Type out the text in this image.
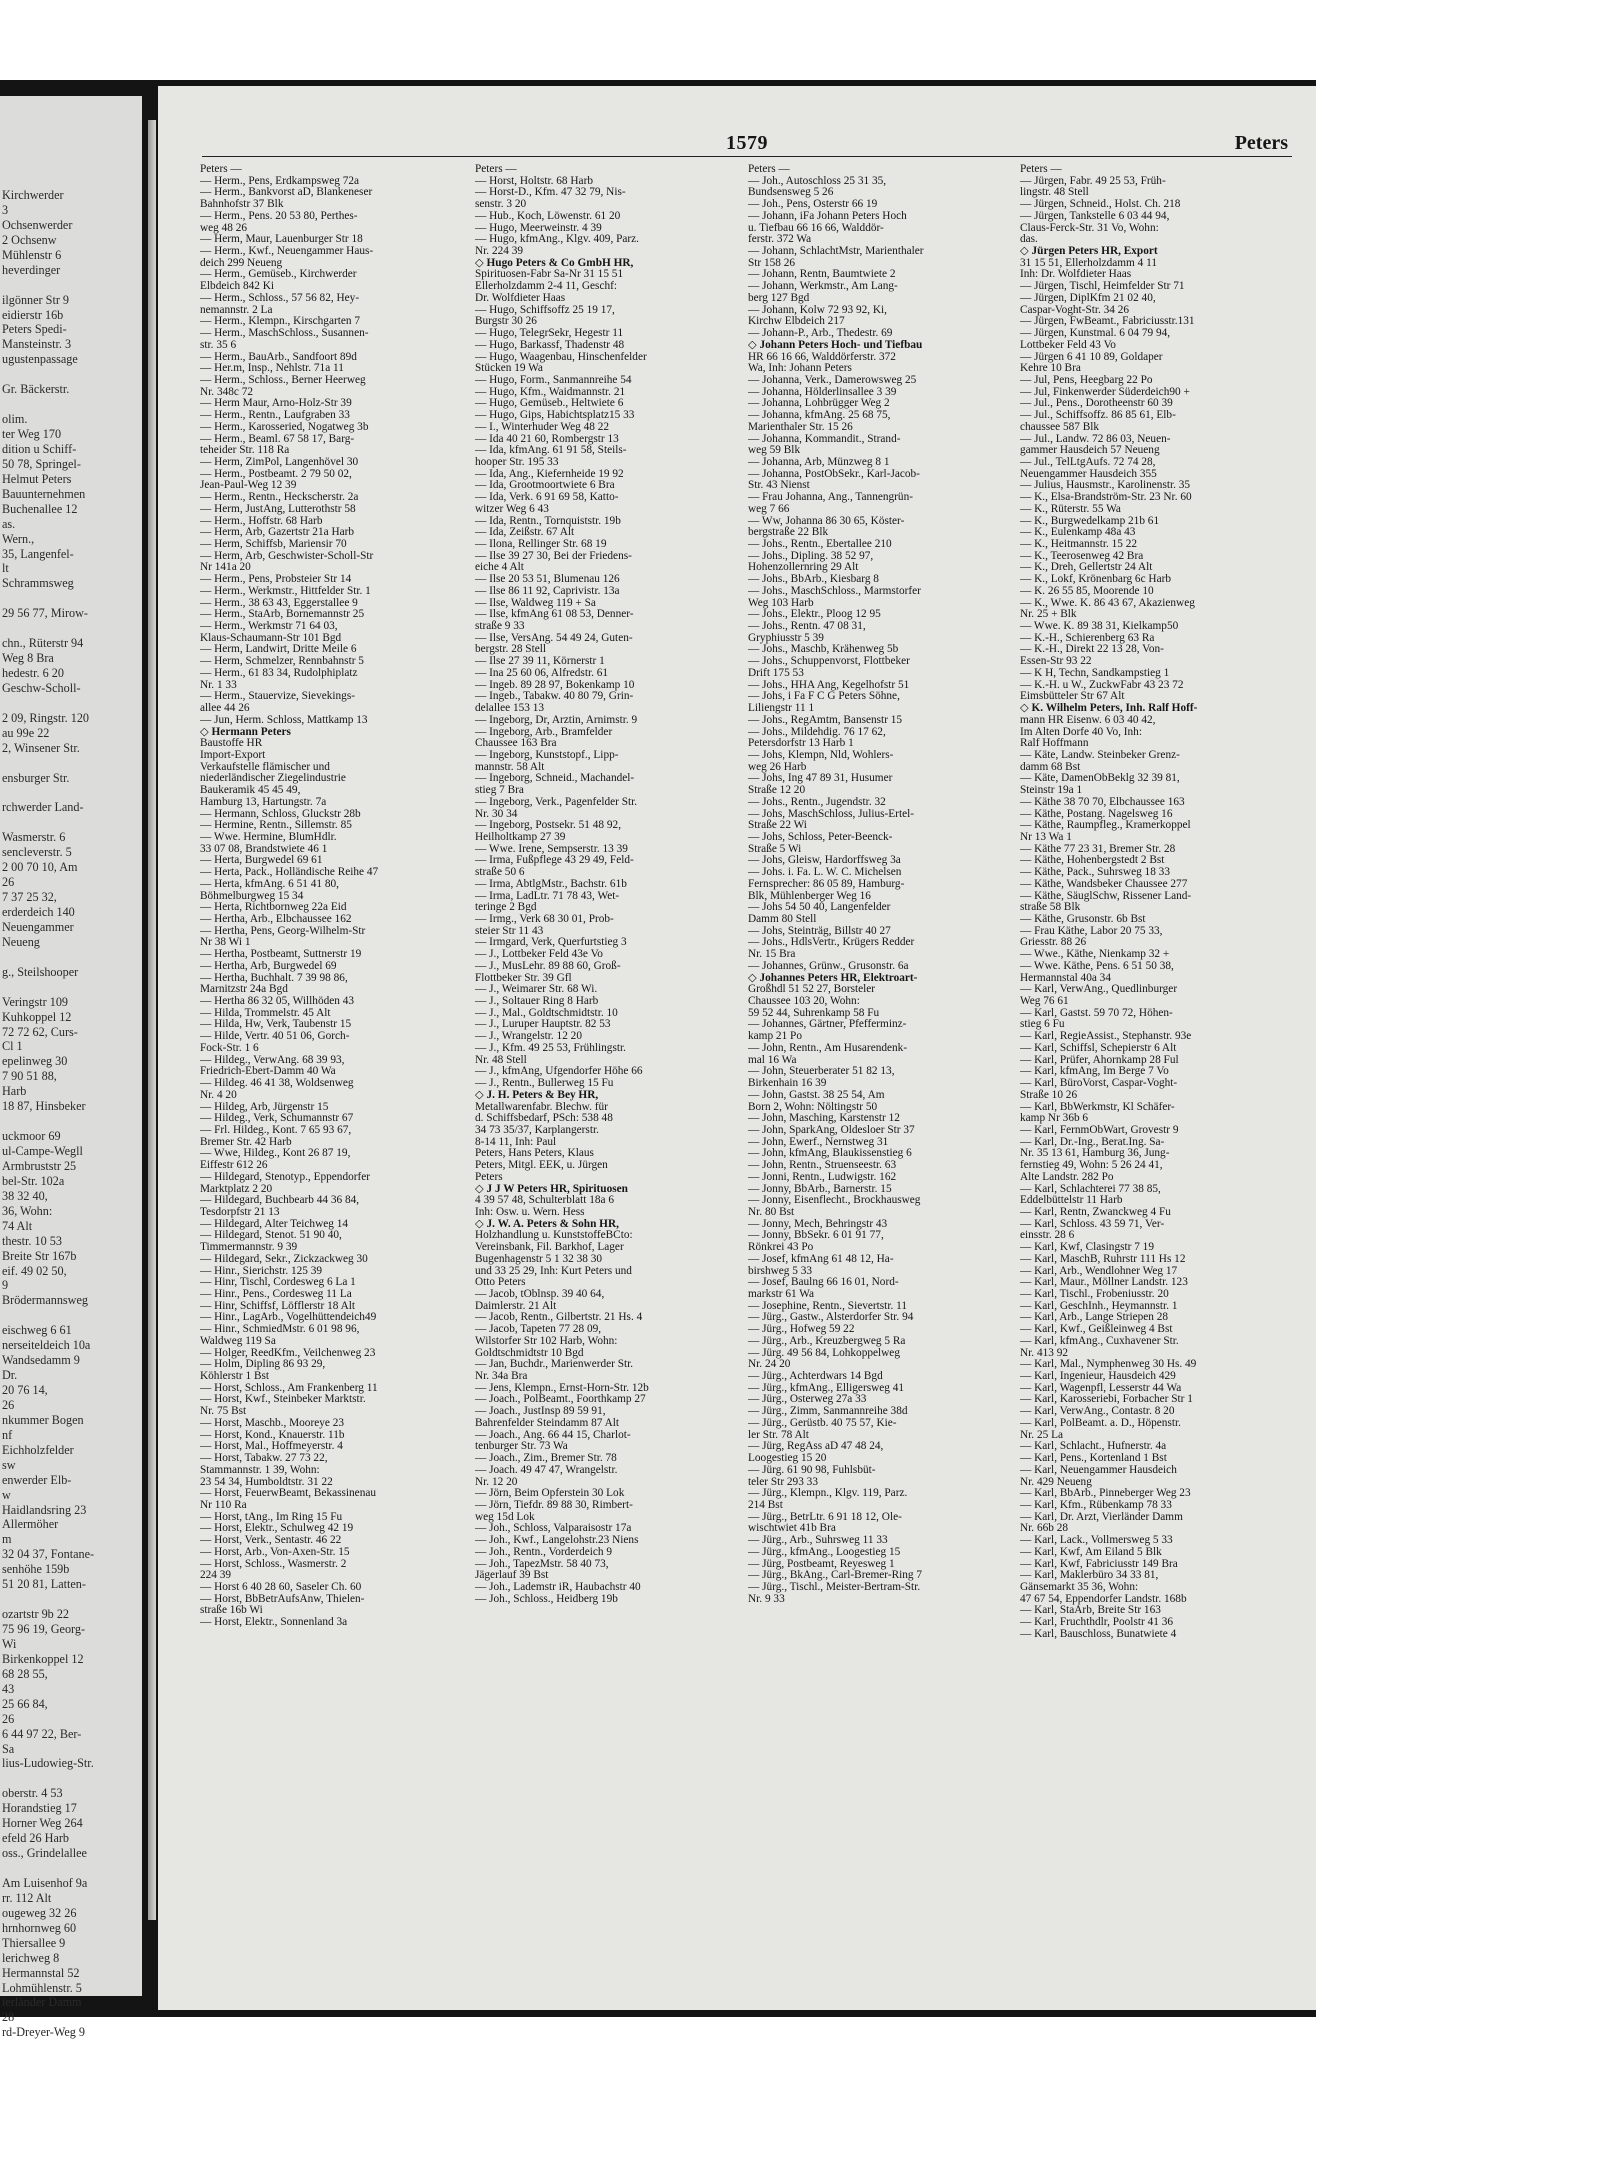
Kirchwerder
3
Ochsenwerder
2 Ochsenw
Mühlenstr 6
heverdinger
ilgönner Str 9
eidierstr 16b
Peters Spedi-
Mansteinstr. 3
ugustenpassage
Gr. Bäckerstr.
olim.
ter Weg 170
dition u Schiff-
50 78, Springel-
Helmut Peters
Bauunternehmen
Buchenallee 12
as.
Wern.,
35, Langenfel-
lt
Schrammsweg
29 56 77, Mirow-
chn., Rüterstr 94
Weg 8 Bra
hedestr. 6 20
Geschw-Scholl-
2 09, Ringstr. 120
au 99e 22
2, Winsener Str.
ensburger Str.
rchwerder Land-
Wasmerstr. 6
sencleverstr. 5
2 00 70 10, Am
26
7 37 25 32,
erderdeich 140
Neuengammer
Neueng
g., Steilshooper
Veringstr 109
Kuhkoppel 12
72 72 62, Curs-
Cl 1
epelinweg 30
7 90 51 88,
Harb
18 87, Hinsbeker
uckmoor 69
ul-Campe-Wegll
Armbruststr 25
bel-Str. 102a
38 32 40,
36, Wohn:
74 Alt
thestr. 10 53
Breite Str 167b
eif. 49 02 50,
9
Brödermannsweg
eischweg 6 61
nerseiteldeich 10a
Wandsedamm 9
Dr.
20 76 14,
26
nkummer Bogen
nf
Eichholzfelder
sw
enwerder Elb-
w
Haidlandsring 23
Allermöher
m
32 04 37, Fontane-
senhöhe 159b
51 20 81, Latten-
ozartstr 9b 22
75 96 19, Georg-
Wi
Birkenkoppel 12
68 28 55,
43
25 66 84,
26
6 44 97 22, Ber-
Sa
lius-Ludowieg-Str.
oberstr. 4 53
Horandstieg 17
Horner Weg 264
efeld 26 Harb
oss., Grindelallee
Am Luisenhof 9a
rr. 112 Alt
ougeweg 32 26
hrnhornweg 60
Thiersallee 9
lerichweg 8
Hermannstal 52
Lohmühlenstr. 5
ierländer Damm
28
rd-Dreyer-Weg 9
1579	Peters
Peters —
— Herm., Pens, Erdkampsweg 72a
— Herm., Bankvorst aD, Blankeneser
Bahnhofstr 37 Blk
— Herm., Pens. 20 53 80, Perthes-
weg 48 26
— Herm, Maur, Lauenburger Str 18
— Herm., Kwf., Neuengammer Haus-
deich 299 Neueng
— Herm., Gemüseb., Kirchwerder
Elbdeich 842 Ki
— Herm., Schloss., 57 56 82, Hey-
nemannstr. 2 La
— Herm., Klempn., Kirschgarten 7
— Herm., MaschSchloss., Susannen-
str. 35 6
— Herm., BauArb., Sandfoort 89d
— Her.m, Insp., Nehlstr. 71a 11
— Herm., Schloss., Berner Heerweg
Nr. 348c 72
— Herm Maur, Arno-Holz-Str 39
— Herm., Rentn., Laufgraben 33
— Herm., Karosseried, Nogatweg 3b
— Herm., Beaml. 67 58 17, Barg-
teheider Str. 118 Ra
— Herm, ZimPol, Langenhövel 30
— Herm., Postbeamt. 2 79 50 02,
Jean-Paul-Weg 12 39
— Herm., Rentn., Heckscherstr. 2a
— Herm, JustAng, Lutterothstr 58
— Herm., Hoffstr. 68 Harb
— Herm, Arb, Gazertstr 21a Harb
— Herm, Schiffsb, Mariensir 70
— Herm, Arb, Geschwister-Scholl-Str
Nr 141a 20
— Herm., Pens, Probsteier Str 14
— Herm., Werkmstr., Hittfelder Str. 1
— Herm., 38 63 43, Eggerstallee 9
— Herm., StaArb, Bornemannstr 25
— Herm., Werkmstr 71 64 03,
Klaus-Schaumann-Str 101 Bgd
— Herm, Landwirt, Dritte Meile 6
— Herm, Schmelzer, Rennbahnstr 5
— Herm., 61 83 34, Rudolphiplatz
Nr. 1 33
— Herm., Stauervize, Sievekings-
allee 44 26
— Jun, Herm. Schloss, Mattkamp 13
◇ Hermann Peters
Baustoffe HR
Import-Export
Verkaufstelle flämischer und
niederländischer Ziegelindustrie
Baukeramik 45 45 49,
Hamburg 13, Hartungstr. 7a
— Hermann, Schloss, Gluckstr 28b
— Hermine, Rentn., Sillemstr. 85
— Wwe. Hermine, BlumHdlr.
33 07 08, Brandstwiete 46 1
— Herta, Burgwedel 69 61
— Herta, Pack., Holländische Reihe 47
— Herta, kfmAng. 6 51 41 80,
Böhmelburgweg 15 34
— Herta, Richtbornweg 22a Eid
— Hertha, Arb., Elbchaussee 162
— Hertha, Pens, Georg-Wilhelm-Str
Nr 38 Wi 1
— Hertha, Postbeamt, Suttnerstr 19
— Hertha, Arb, Burgwedel 69
— Hertha, Buchhalt. 7 39 98 86,
Marnitzstr 24a Bgd
— Hertha 86 32 05, Willhöden 43
— Hilda, Trommelstr. 45 Alt
— Hilda, Hw, Verk, Taubenstr 15
— Hilde, Vertr. 40 51 06, Gorch-
Fock-Str. 1 6
— Hildeg., VerwAng. 68 39 93,
Friedrich-Ebert-Damm 40 Wa
— Hildeg. 46 41 38, Woldsenweg
Nr. 4 20
— Hildeg, Arb, Jürgenstr 15
— Hildeg., Verk, Schumannstr 67
— Frl. Hildeg., Kont. 7 65 93 67,
Bremer Str. 42 Harb
— Wwe, Hildeg., Kont 26 87 19,
Eiffestr 612 26
— Hildegard, Stenotyp., Eppendorfer
Marktplatz 2 20
— Hildegard, Buchbearb 44 36 84,
Tesdorpfstr 21 13
— Hildegard, Alter Teichweg 14
— Hildegard, Stenot. 51 90 40,
Timmermannstr. 9 39
— Hildegard, Sekr., Zickzackweg 30
— Hinr., Sierichstr. 125 39
— Hinr, Tischl, Cordesweg 6 La 1
— Hinr., Pens., Cordesweg 11 La
— Hinr, Schiffsf, Löfflerstr 18 Alt
— Hinr., LagArb., Vogelhüttendeich49
— Hinr., SchmiedMstr. 6 01 98 96,
Waldweg 119 Sa
— Holger, ReedKfm., Veilchenweg 23
— Holm, Dipling 86 93 29,
Köhlerstr 1 Bst
— Horst, Schloss., Am Frankenberg 11
— Horst, Kwf., Steinbeker Marktstr.
Nr. 75 Bst
— Horst, Maschb., Mooreye 23
— Horst, Kond., Knauerstr. 11b
— Horst, Mal., Hoffmeyerstr. 4
— Horst, Tabakw. 27 73 22,
Stammannstr. 1 39, Wohn:
23 54 34, Humboldtstr. 31 22
— Horst, FeuerwBeamt, Bekassinenau
Nr 110 Ra
— Horst, tAng., Im Ring 15 Fu
— Horst, Elektr., Schulweg 42 19
— Horst, Verk., Sentastr. 46 22
— Horst, Arb., Von-Axen-Str. 15
— Horst, Schloss., Wasmerstr. 2
224 39
— Horst 6 40 28 60, Saseler Ch. 60
— Horst, BbBetrAufsAnw, Thielen-
straße 16b Wi
— Horst, Elektr., Sonnenland 3a
Peters —
— Horst, Holtstr. 68 Harb
— Horst-D., Kfm. 47 32 79, Nis-
senstr. 3 20
— Hub., Koch, Löwenstr. 61 20
— Hugo, Meerweinstr. 4 39
— Hugo, kfmAng., Klgv. 409, Parz.
Nr. 224 39
◇ Hugo Peters & Co GmbH HR,
Spirituosen-Fabr Sa-Nr 31 15 51
Ellerholzdamm 2-4 11, Geschf:
Dr. Wolfdieter Haas
— Hugo, Schiffsoffz 25 19 17,
Burgstr 30 26
— Hugo, TelegrSekr, Hegestr 11
— Hugo, Barkassf, Thadenstr 48
— Hugo, Waagenbau, Hinschenfelder
Stücken 19 Wa
— Hugo, Form., Sanmannreihe 54
— Hugo, Kfm., Waidmannstr. 21
— Hugo, Gemüseb., Heltwiete 6
— Hugo, Gips, Habichtsplatz15 33
— I., Winterhuder Weg 48 22
— Ida 40 21 60, Rombergstr 13
— Ida, kfmAng. 61 91 58, Steils-
hooper Str. 195 33
— Ida, Ang., Kiefernheide 19 92
— Ida, Grootmoortwiete 6 Bra
— Ida, Verk. 6 91 69 58, Katto-
witzer Weg 6 43
— Ida, Rentn., Tornquiststr. 19b
— Ida, Zeißstr. 67 Alt
— Ilona, Rellinger Str. 68 19
— Ilse 39 27 30, Bei der Friedens-
eiche 4 Alt
— Ilse 20 53 51, Blumenau 126
— Ilse 86 11 92, Caprivistr. 13a
— Ilse, Waldweg 119 + Sa
— Ilse, kfmAng 61 08 53, Denner-
straße 9 33
— Ilse, VersAng. 54 49 24, Guten-
bergstr. 28 Stell
— Ilse 27 39 11, Körnerstr 1
— Ina 25 60 06, Alfredstr. 61
— Ingeb. 89 28 97, Bokenkamp 10
— Ingeb., Tabakw. 40 80 79, Grin-
delallee 153 13
— Ingeborg, Dr, Arztin, Arnimstr. 9
— Ingeborg, Arb., Bramfelder
Chaussee 163 Bra
— Ingeborg, Kunststopf., Lipp-
mannstr. 58 Alt
— Ingeborg, Schneid., Machandel-
stieg 7 Bra
— Ingeborg, Verk., Pagenfelder Str.
Nr. 30 34
— Ingeborg, Postsekr. 51 48 92,
Heilholtkamp 27 39
— Wwe. Irene, Sempserstr. 13 39
— Irma, Fußpflege 43 29 49, Feld-
straße 50 6
— Irma, AbtlgMstr., Bachstr. 61b
— Irma, LadLtr. 71 78 43, Wet-
teringe 2 Bgd
— Irmg., Verk 68 30 01, Prob-
steier Str 11 43
— Irmgard, Verk, Querfurtstieg 3
— J., Lottbeker Feld 43e Vo
— J., MusLehr. 89 88 60, Groß-
Flottbeker Str. 39 Gfl
— J., Weimarer Str. 68 Wi.
— J., Soltauer Ring 8 Harb
— J., Mal., Goldtschmidtstr. 10
— J., Luruper Hauptstr. 82 53
— J., Wrangelstr. 12 20
— J., Kfm. 49 25 53, Frühlingstr.
Nr. 48 Stell
— J., kfmAng, Ufgendorfer Höhe 66
— J., Rentn., Bullerweg 15 Fu
◇ J. H. Peters & Bey HR,
Metallwarenfabr. Blechw. für
d. Schiffsbedarf, PSch: 538 48
34 73 35/37, Karplangerstr.
8-14 11, Inh: Paul
Peters, Hans Peters, Klaus
Peters, Mitgl. EEK, u. Jürgen
Peters
◇ J J W Peters HR, Spirituosen
4 39 57 48, Schulterblatt 18a 6
Inh: Osw. u. Wern. Hess
◇ J. W. A. Peters & Sohn HR,
Holzhandlung u. KunststoffeBCto:
Vereinsbank, Fil. Barkhof, Lager
Bugenhagenstr 5 1 32 38 30
und 33 25 29, Inh: Kurt Peters und
Otto Peters
— Jacob, tOblnsp. 39 40 64,
Daimlerstr. 21 Alt
— Jacob, Rentn., Gilbertstr. 21 Hs. 4
— Jacob, Tapeten 77 28 09,
Wilstorfer Str 102 Harb, Wohn:
Goldtschmidtstr 10 Bgd
— Jan, Buchdr., Marienwerder Str.
Nr. 34a Bra
— Jens, Klempn., Ernst-Horn-Str. 12b
— Joach., PolBeamt., Foorthkamp 27
— Joach., JustInsp 89 59 91,
Bahrenfelder Steindamm 87 Alt
— Joach., Ang. 66 44 15, Charlot-
tenburger Str. 73 Wa
— Joach., Zim., Bremer Str. 78
— Joach. 49 47 47, Wrangelstr.
Nr. 12 20
— Jörn, Beim Opferstein 30 Lok
— Jörn, Tiefdr. 89 88 30, Rimbert-
weg 15d Lok
— Joh., Schloss, Valparaisostr 17a
— Joh., Kwf., Langelohstr.23 Niens
— Joh., Rentn., Vorderdeich 9
— Joh., TapezMstr. 58 40 73,
Jägerlauf 39 Bst
— Joh., Lademstr iR, Haubachstr 40
— Joh., Schloss., Heidberg 19b
Peters —
— Joh., Autoschloss 25 31 35,
Bundsensweg 5 26
— Joh., Pens, Osterstr 66 19
— Johann, iFa Johann Peters Hoch
u. Tiefbau 66 16 66, Walddör-
ferstr. 372 Wa
— Johann, SchlachtMstr, Marienthaler
Str 158 26
— Johann, Rentn, Baumtwiete 2
— Johann, Werkmstr., Am Lang-
berg 127 Bgd
— Johann, Kolw 72 93 92, Ki,
Kirchw Elbdeich 217
— Johann-P., Arb., Thedestr. 69
◇ Johann Peters Hoch- und Tiefbau
HR 66 16 66, Walddörferstr. 372
Wa, Inh: Johann Peters
— Johanna, Verk., Damerowsweg 25
— Johanna, Hölderlinsallee 3 39
— Johanna, Lohbrügger Weg 2
— Johanna, kfmAng. 25 68 75,
Marienthaler Str. 15 26
— Johanna, Kommandit., Strand-
weg 59 Blk
— Johanna, Arb, Münzweg 8 1
— Johanna, PostObSekr., Karl-Jacob-
Str. 43 Nienst
— Frau Johanna, Ang., Tannengrün-
weg 7 66
— Ww, Johanna 86 30 65, Köster-
bergstraße 22 Blk
— Johs., Rentn., Ebertallee 210
— Johs., Dipling. 38 52 97,
Hohenzollernring 29 Alt
— Johs., BbArb., Kiesbarg 8
— Johs., MaschSchloss., Marmstorfer
Weg 103 Harb
— Johs., Elektr., Ploog 12 95
— Johs., Rentn. 47 08 31,
Gryphiusstr 5 39
— Johs., Maschb, Krähenweg 5b
— Johs., Schuppenvorst, Flottbeker
Drift 175 53
— Johs., HHA Ang, Kegelhofstr 51
— Johs, i Fa F C G Peters Söhne,
Liliengstr 11 1
— Johs., RegAmtm, Bansenstr 15
— Johs., Mildehdig. 76 17 62,
Petersdorfstr 13 Harb 1
— Johs, Klempn, Nld, Wohlers-
weg 26 Harb
— Johs, Ing 47 89 31, Husumer
Straße 12 20
— Johs., Rentn., Jugendstr. 32
— Johs, MaschSchloss, Julius-Ertel-
Straße 22 Wi
— Johs, Schloss, Peter-Beenck-
Straße 5 Wi
— Johs, Gleisw, Hardorffsweg 3a
— Johs. i. Fa. L. W. C. Michelsen
Fernsprecher: 86 05 89, Hamburg-
Blk, Mühlenberger Weg 16
— Johs 54 50 40, Langenfelder
Damm 80 Stell
— Johs, Steinträg, Billstr 40 27
— Johs., HdlsVertr., Krügers Redder
Nr. 15 Bra
— Johannes, Grünw., Grusonstr. 6a
◇ Johannes Peters HR, Elektroart-
Großhdl 51 52 27, Borsteler
Chaussee 103 20, Wohn:
59 52 44, Suhrenkamp 58 Fu
— Johannes, Gärtner, Pfefferminz-
kamp 21 Po
— John, Rentn., Am Husarendenk-
mal 16 Wa
— John, Steuerberater 51 82 13,
Birkenhain 16 39
— John, Gastst. 38 25 54, Am
Born 2, Wohn: Nöltingstr 50
— John, Masching, Karstenstr 12
— John, SparkAng, Oldesloer Str 37
— John, Ewerf., Nernstweg 31
— John, kfmAng, Blaukissenstieg 6
— John, Rentn., Struenseestr. 63
— Jonni, Rentn., Ludwigstr. 162
— Jonny, BbArb., Barnerstr. 15
— Jonny, Eisenflecht., Brockhausweg
Nr. 80 Bst
— Jonny, Mech, Behringstr 43
— Jonny, BbSekr. 6 01 91 77,
Rönkrei 43 Po
— Josef, kfmAng 61 48 12, Ha-
birshweg 5 33
— Josef, Baulng 66 16 01, Nord-
markstr 61 Wa
— Josephine, Rentn., Sievertstr. 11
— Jürg., Gastw., Alsterdorfer Str. 94
— Jürg., Hofweg 59 22
— Jürg., Arb., Kreuzbergweg 5 Ra
— Jürg. 49 56 84, Lohkoppelweg
Nr. 24 20
— Jürg., Achterdwars 14 Bgd
— Jürg., kfmAng., Elligersweg 41
— Jürg., Osterweg 27a 33
— Jürg., Zimm, Sanmannreihe 38d
— Jürg., Gerüstb. 40 75 57, Kie-
ler Str. 78 Alt
— Jürg, RegAss aD 47 48 24,
Loogestieg 15 20
— Jürg. 61 90 98, Fuhlsbüt-
teler Str 293 33
— Jürg., Klempn., Klgv. 119, Parz.
214 Bst
— Jürg., BetrLtr. 6 91 18 12, Ole-
wischtwiet 41b Bra
— Jürg., Arb., Suhrsweg 11 33
— Jürg., kfmAng., Loogestieg 15
— Jürg, Postbeamt, Reyesweg 1
— Jürg., BkAng., Carl-Bremer-Ring 7
— Jürg., Tischl., Meister-Bertram-Str.
Nr. 9 33
Peters —
— Jürgen, Fabr. 49 25 53, Früh-
lingstr. 48 Stell
— Jürgen, Schneid., Holst. Ch. 218
— Jürgen, Tankstelle 6 03 44 94,
Claus-Ferck-Str. 31 Vo, Wohn:
das.
◇ Jürgen Peters HR, Export
31 15 51, Ellerholzdamm 4 11
Inh: Dr. Wolfdieter Haas
— Jürgen, Tischl, Heimfelder Str 71
— Jürgen, DiplKfm 21 02 40,
Caspar-Voght-Str. 34 26
— Jürgen, FwBeamt., Fabriciusstr.131
— Jürgen, Kunstmal. 6 04 79 94,
Lottbeker Feld 43 Vo
— Jürgen 6 41 10 89, Goldaper
Kehre 10 Bra
— Jul, Pens, Heegbarg 22 Po
— Jul, Finkenwerder Süderdeich90 +
— Jul., Pens., Dorotheenstr 60 39
— Jul., Schiffsoffz. 86 85 61, Elb-
chaussee 587 Blk
— Jul., Landw. 72 86 03, Neuen-
gammer Hausdeich 57 Neueng
— Jul., TelLtgAufs. 72 74 28,
Neuengammer Hausdeich 355
— Julius, Hausmstr., Karolinenstr. 35
— K., Elsa-Brandström-Str. 23 Nr. 60
— K., Rüterstr. 55 Wa
— K., Burgwedelkamp 21b 61
— K., Eulenkamp 48a 43
— K., Heitmannstr. 15 22
— K., Teerosenweg 42 Bra
— K., Dreh, Gellertstr 24 Alt
— K., Lokf, Krönenbarg 6c Harb
— K. 26 55 85, Moorende 10
— K., Wwe. K. 86 43 67, Akazienweg
Nr. 25 + Blk
— Wwe. K. 89 38 31, Kielkamp50
— K.-H., Schierenberg 63 Ra
— K.-H., Direkt 22 13 28, Von-
Essen-Str 93 22
— K H, Techn, Sandkampstieg 1
— K.-H. u W., ZuckwFabr 43 23 72
Eimsbütteler Str 67 Alt
◇ K. Wilhelm Peters, Inh. Ralf Hoff-
mann HR Eisenw. 6 03 40 42,
Im Alten Dorfe 40 Vo, Inh:
Ralf Hoffmann
— Käte, Landw. Steinbeker Grenz-
damm 68 Bst
— Käte, DamenObBeklg 32 39 81,
Steinstr 19a 1
— Käthe 38 70 70, Elbchaussee 163
— Käthe, Postang. Nagelsweg 16
— Käthe, Raumpfleg., Kramerkoppel
Nr 13 Wa 1
— Käthe 77 23 31, Bremer Str. 28
— Käthe, Hohenbergstedt 2 Bst
— Käthe, Pack., Suhrsweg 18 33
— Käthe, Wandsbeker Chaussee 277
— Käthe, SäuglSchw, Rissener Land-
straße 58 Blk
— Käthe, Grusonstr. 6b Bst
— Frau Käthe, Labor 20 75 33,
Griesstr. 88 26
— Wwe., Käthe, Nienkamp 32 +
— Wwe. Käthe, Pens. 6 51 50 38,
Hermannstal 40a 34
— Karl, VerwAng., Quedlinburger
Weg 76 61
— Karl, Gastst. 59 70 72, Höhen-
stieg 6 Fu
— Karl, RegieAssist., Stephanstr. 93e
— Karl, Schiffsl, Schepierstr 6 Alt
— Karl, Prüfer, Ahornkamp 28 Ful
— Karl, kfmAng, Im Berge 7 Vo
— Karl, BüroVorst, Caspar-Voght-
Straße 10 26
— Karl, BbWerkmstr, Kl Schäfer-
kamp Nr 36b 6
— Karl, FernmObWart, Grovestr 9
— Karl, Dr.-Ing., Berat.Ing. Sa-
Nr. 35 13 61, Hamburg 36, Jung-
fernstieg 49, Wohn: 5 26 24 41,
Alte Landstr. 282 Po
— Karl, Schlachterei 77 38 85,
Eddelbüttelstr 11 Harb
— Karl, Rentn, Zwanckweg 4 Fu
— Karl, Schloss. 43 59 71, Ver-
einsstr. 28 6
— Karl, Kwf, Clasingstr 7 19
— Karl, MaschB, Ruhrstr 111 Hs 12
— Karl, Arb., Wendlohner Weg 17
— Karl, Maur., Möllner Landstr. 123
— Karl, Tischl., Frobeniusstr. 20
— Karl, GeschInh., Heymannstr. 1
— Karl, Arb., Lange Striepen 28
— Karl, Kwf., Geißleinweg 4 Bst
— Karl, kfmAng., Cuxhavener Str.
Nr. 413 92
— Karl, Mal., Nymphenweg 30 Hs. 49
— Karl, Ingenieur, Hausdeich 429
— Karl, Wagenpfl, Lesserstr 44 Wa
— Karl, Karosseriebi, Forbacher Str 1
— Karl, VerwAng., Contastr. 8 20
— Karl, PolBeamt. a. D., Höpenstr.
Nr. 25 La
— Karl, Schlacht., Hufnerstr. 4a
— Karl, Pens., Kortenland 1 Bst
— Karl, Neuengammer Hausdeich
Nr. 429 Neueng
— Karl, BbArb., Pinneberger Weg 23
— Karl, Kfm., Rübenkamp 78 33
— Karl, Dr. Arzt, Vierländer Damm
Nr. 66b 28
— Karl, Lack., Vollmersweg 5 33
— Karl, Kwf, Am Eiland 5 Blk
— Karl, Kwf, Fabriciusstr 149 Bra
— Karl, Maklerbüro 34 33 81,
Gänsemarkt 35 36, Wohn:
47 67 54, Eppendorfer Landstr. 168b
— Karl, StaArb, Breite Str 163
— Karl, Fruchthdlr, Poolstr 41 36
— Karl, Bauschloss, Bunatwiete 4
